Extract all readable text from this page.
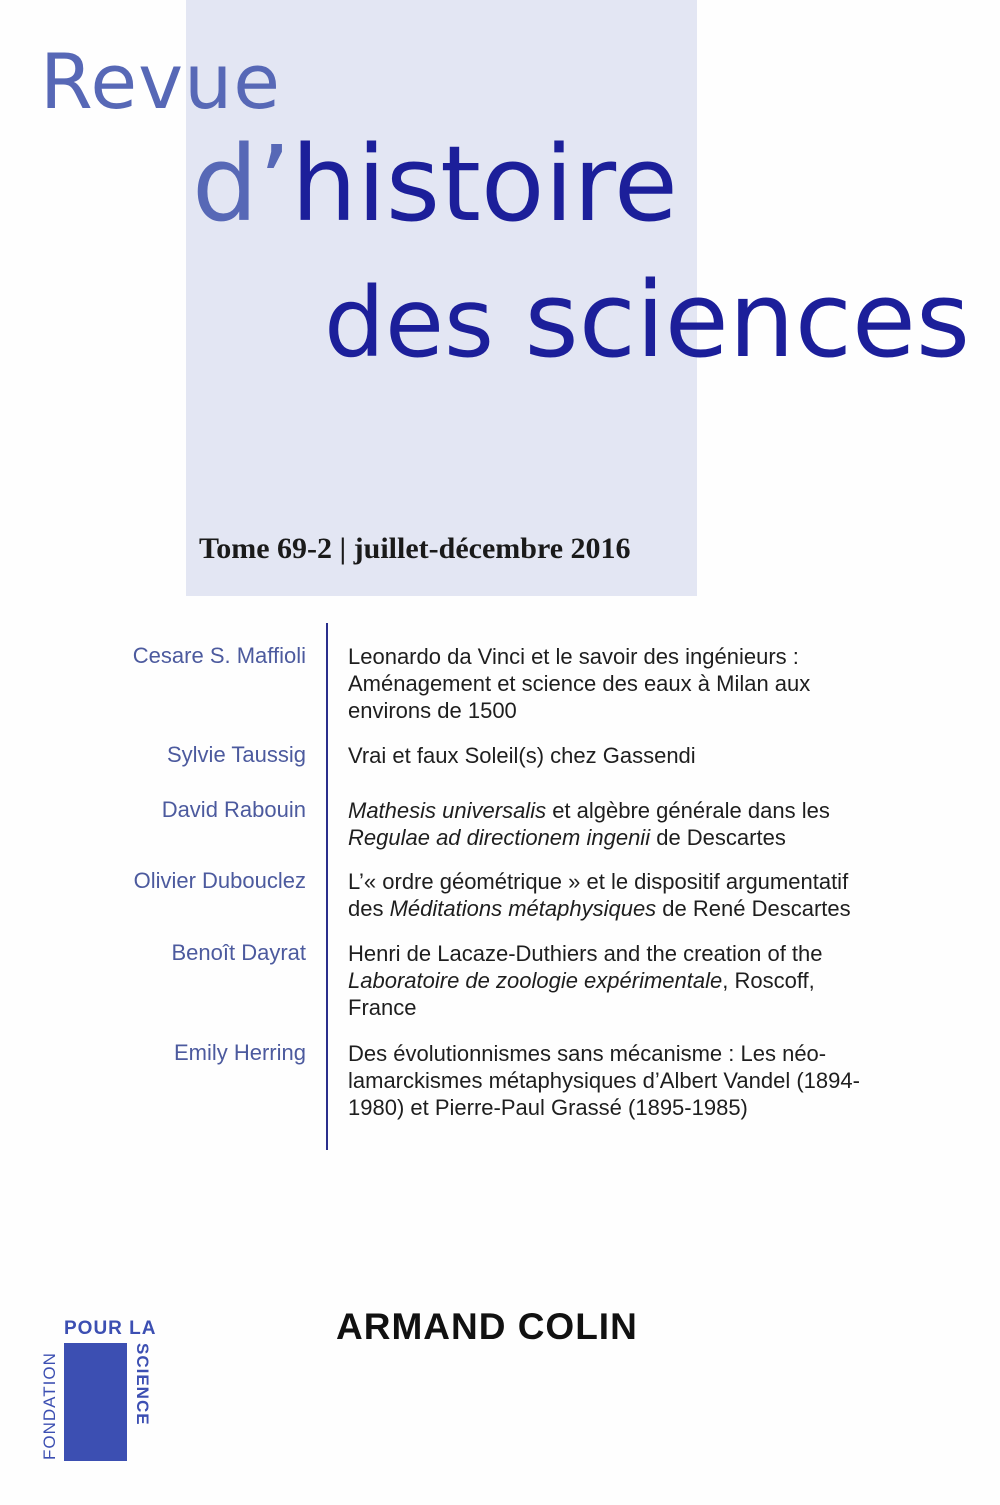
Revue
d’histoire
des sciences
Tome 69-2 | juillet-décembre 2016
Cesare S. Maffioli Leonardo da Vinci et le savoir des ingénieurs : Aménagement et science des eaux à Milan aux environs de 1500
Sylvie Taussig Vrai et faux Soleil(s) chez Gassendi
David Rabouin Mathesis universalis et algèbre générale dans les Regulae ad directionem ingenii de Descartes
Olivier Dubouclez L’« ordre géométrique » et le dispositif argumentatif des Méditations métaphysiques de René Descartes
Benoît Dayrat Henri de Lacaze-Duthiers and the creation of the Laboratoire de zoologie expérimentale, Roscoff, France
Emily Herring Des évolutionnismes sans mécanisme : Les néo-lamarckismes métaphysiques d’Albert Vandel (1894-1980) et Pierre-Paul Grassé (1895-1985)
ARMAND COLIN
POUR LA
FONDATION	SCIENCE
